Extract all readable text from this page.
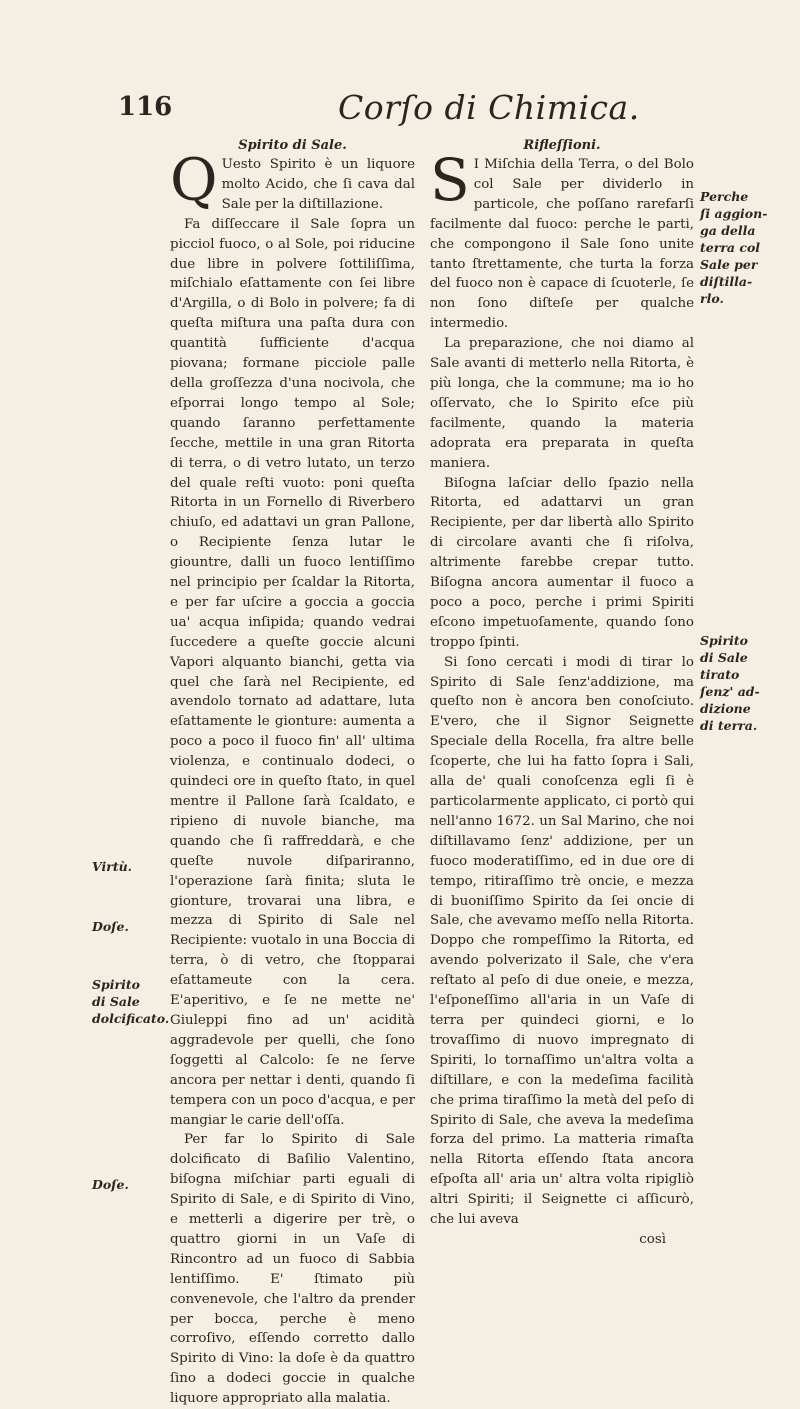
116	Corſo di Chimica.
Spirito di Sale.

Q Uesto Spirito è un liquore molto Acido, che ſi cava dal Sale per la diſtillazione.

Fa diſſeccare il Sale ſopra un picciol fuoco, o al Sole, poi riducine due libre in polvere ſottiliſſima, miſchialo eſattamente con ſei libre d'Argilla, o di Bolo in polvere; fa di queſta miſtura una paſta dura con quantità ſufficiente d'acqua piovana; formane picciole palle della groſſezza d'una nocivola, che eſporrai longo tempo al Sole; quando ſaranno perfettamente ſecche, mettile in una gran Ritorta di terra, o di vetro lutato, un terzo del quale reſti vuoto: poni queſta Ritorta in un Fornello di Riverbero chiuſo, ed adattavi un gran Pallone, o Recipiente ſenza lutar le giountre, dalli un fuoco lentiſſimo nel principio per ſcaldar la Ritorta, e per far uſcire a goccia a goccia ua' acqua inſipida; quando vedrai ſuccedere a queſte goccie alcuni Vapori alquanto bianchi, getta via quel che ſarà nel Recipiente, ed avendolo tornato ad adattare, luta eſattamente le gionture: aumenta a poco a poco il fuoco fin' all' ultima violenza, e continualo dodeci, o quindeci ore in queſto ſtato, in quel mentre il Pallone ſarà ſcaldato, e ripieno di nuvole bianche, ma quando che ſi raffreddarà, e che queſte nuvole diſpariranno, l'operazione ſarà finita; sluta le gionture, trovarai una libra, e mezza di Spirito di Sale nel Recipiente: vuotalo in una Boccia di terra, ò di vetro, che ſtopparai eſattameute con la cera. E'aperitivo, e ſe ne mette ne' Giuleppi fino ad un' acidità aggradevole per quelli, che ſono ſoggetti al Calcolo: ſe ne ſerve ancora per nettar i denti, quando ſi tempera con un poco d'acqua, e per mangiar le carie dell'oſſa.

Per far lo Spirito di Sale dolcificato di Baſilio Valentino, biſogna miſchiar parti eguali di Spirito di Sale, e di Spirito di Vino, e metterli a digerire per trè, o quattro giorni in un Vaſe di Rincontro ad un fuoco di Sabbia lentiſſimo. E' ſtimato più convenevole, che l'altro da prender per bocca, perche è meno corroſivo, eſſendo corretto dallo Spirito di Vino: la doſe è da quattro ſino a dodeci goccie in qualche liquore appropriato alla malatia.

Rifleſſioni.

S I Miſchia della Terra, o del Bolo col Sale per dividerlo in particole, che poſſano rarefarſi facilmente dal fuoco: perche le parti, che compongono il Sale ſono unite tanto ſtrettamente, che turta la forza del fuoco non è capace di ſcuoterle, ſe non ſono diſteſe per qualche intermedio.

La preparazione, che noi diamo al Sale avanti di metterlo nella Ritorta, è più longa, che la commune; ma io ho oſſervato, che lo Spirito eſce più facilmente, quando la materia adoprata era preparata in queſta maniera.

Biſogna laſciar dello ſpazio nella Ritorta, ed adattarvi un gran Recipiente, per dar libertà allo Spirito di circolare avanti che ſi riſolva, altrimente farebbe crepar tutto. Biſogna ancora aumentar il fuoco a poco a poco, perche i primi Spiriti eſcono impetuoſamente, quando ſono troppo ſpinti.

Si ſono cercati i modi di tirar lo Spirito di Sale ſenz'addizione, ma queſto non è ancora ben conoſciuto. E'vero, che il Signor Seignette Speciale della Rocella, fra altre belle ſcoperte, che lui ha fatto ſopra i Sali, alla de' quali conoſcenza egli ſi è particolarmente applicato, ci portò qui nell'anno 1672. un Sal Marino, che noi diſtillavamo ſenz' addizione, per un fuoco moderatiſſimo, ed in due ore di tempo, ritiraſſimo trè oncie, e mezza di buoniſſimo Spirito da ſei oncie di Sale, che avevamo meſſo nella Ritorta. Doppo che rompeſſimo la Ritorta, ed avendo polverizato il Sale, che v'era reſtato al peſo di due oneie, e mezza, l'eſponeſſimo all'aria in un Vaſe di terra per quindeci giorni, e lo trovaſſimo di nuovo impregnato di Spiriti, lo tornaſſimo un'altra volta a diſtillare, e con la medeſima facilità che prima tiraſſimo la metà del peſo di Spirito di Sale, che aveva la medeſima forza del primo. La matteria rimaſta nella Ritorta eſſendo ſtata ancora eſpoſta all' aria un' altra volta ripigliò altri Spiriti; il Seignette ci aſſicurò, che lui aveva

così
Virtù.
Doſe.
Spirito
di Sale
dolcificato.
Doſe.
Perche
ſi aggion-
ga della
terra col
Sale per
diſtilla-
rlo.
Spirito
di Sale
tirato
ſenz' ad-
dizione
di terra.
